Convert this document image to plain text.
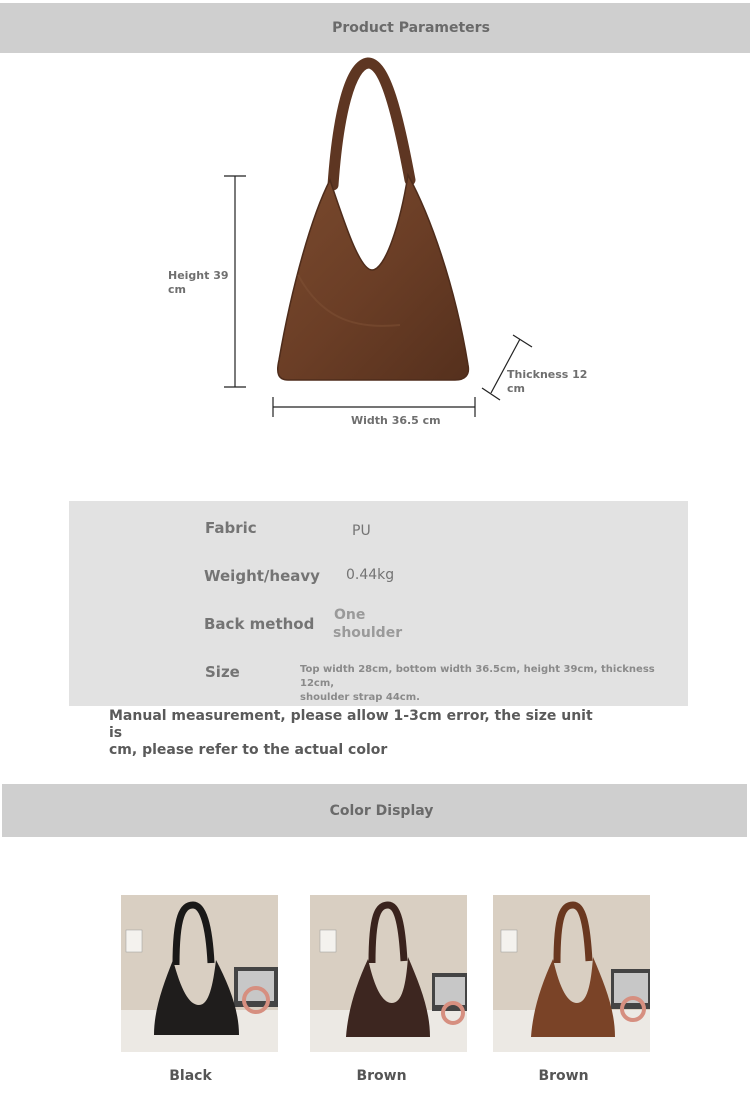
Product Parameters
Height 39
cm
Width 36.5 cm
Thickness 12
cm
Fabric	PU
Weight/heavy 0.44kg
Back method One
shoulder
Size	Top width 28cm, bottom width 36.5cm, height 39cm, thickness 12cm,
shoulder strap 44cm.
Manual measurement, please allow 1-3cm error, the size unit is
cm, please refer to the actual color
Color Display
Black	Brown	Brown
